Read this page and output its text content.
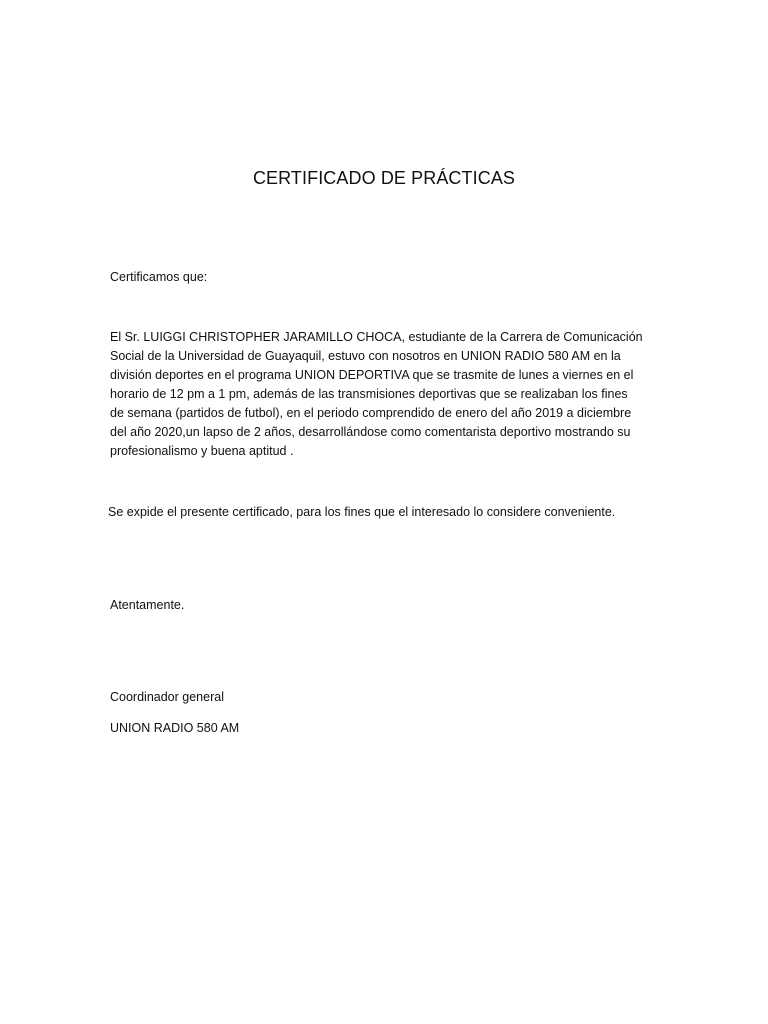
CERTIFICADO DE PRÁCTICAS
Certificamos que:
El Sr. LUIGGI CHRISTOPHER JARAMILLO CHOCA, estudiante de la Carrera de Comunicación
Social de la Universidad de Guayaquil, estuvo con nosotros en UNION RADIO 580 AM en la
división deportes en el programa UNION DEPORTIVA que se trasmite de lunes a viernes en el
horario de 12 pm a 1 pm, además de las transmisiones deportivas que se realizaban los fines
de semana (partidos de futbol), en el periodo comprendido de enero del año 2019 a diciembre
del año 2020,un lapso de 2 años, desarrollándose como comentarista deportivo mostrando su
profesionalismo y buena aptitud .
Se expide el presente certificado, para los fines que el interesado lo considere conveniente.
Atentamente.
Coordinador general
UNION RADIO 580 AM
